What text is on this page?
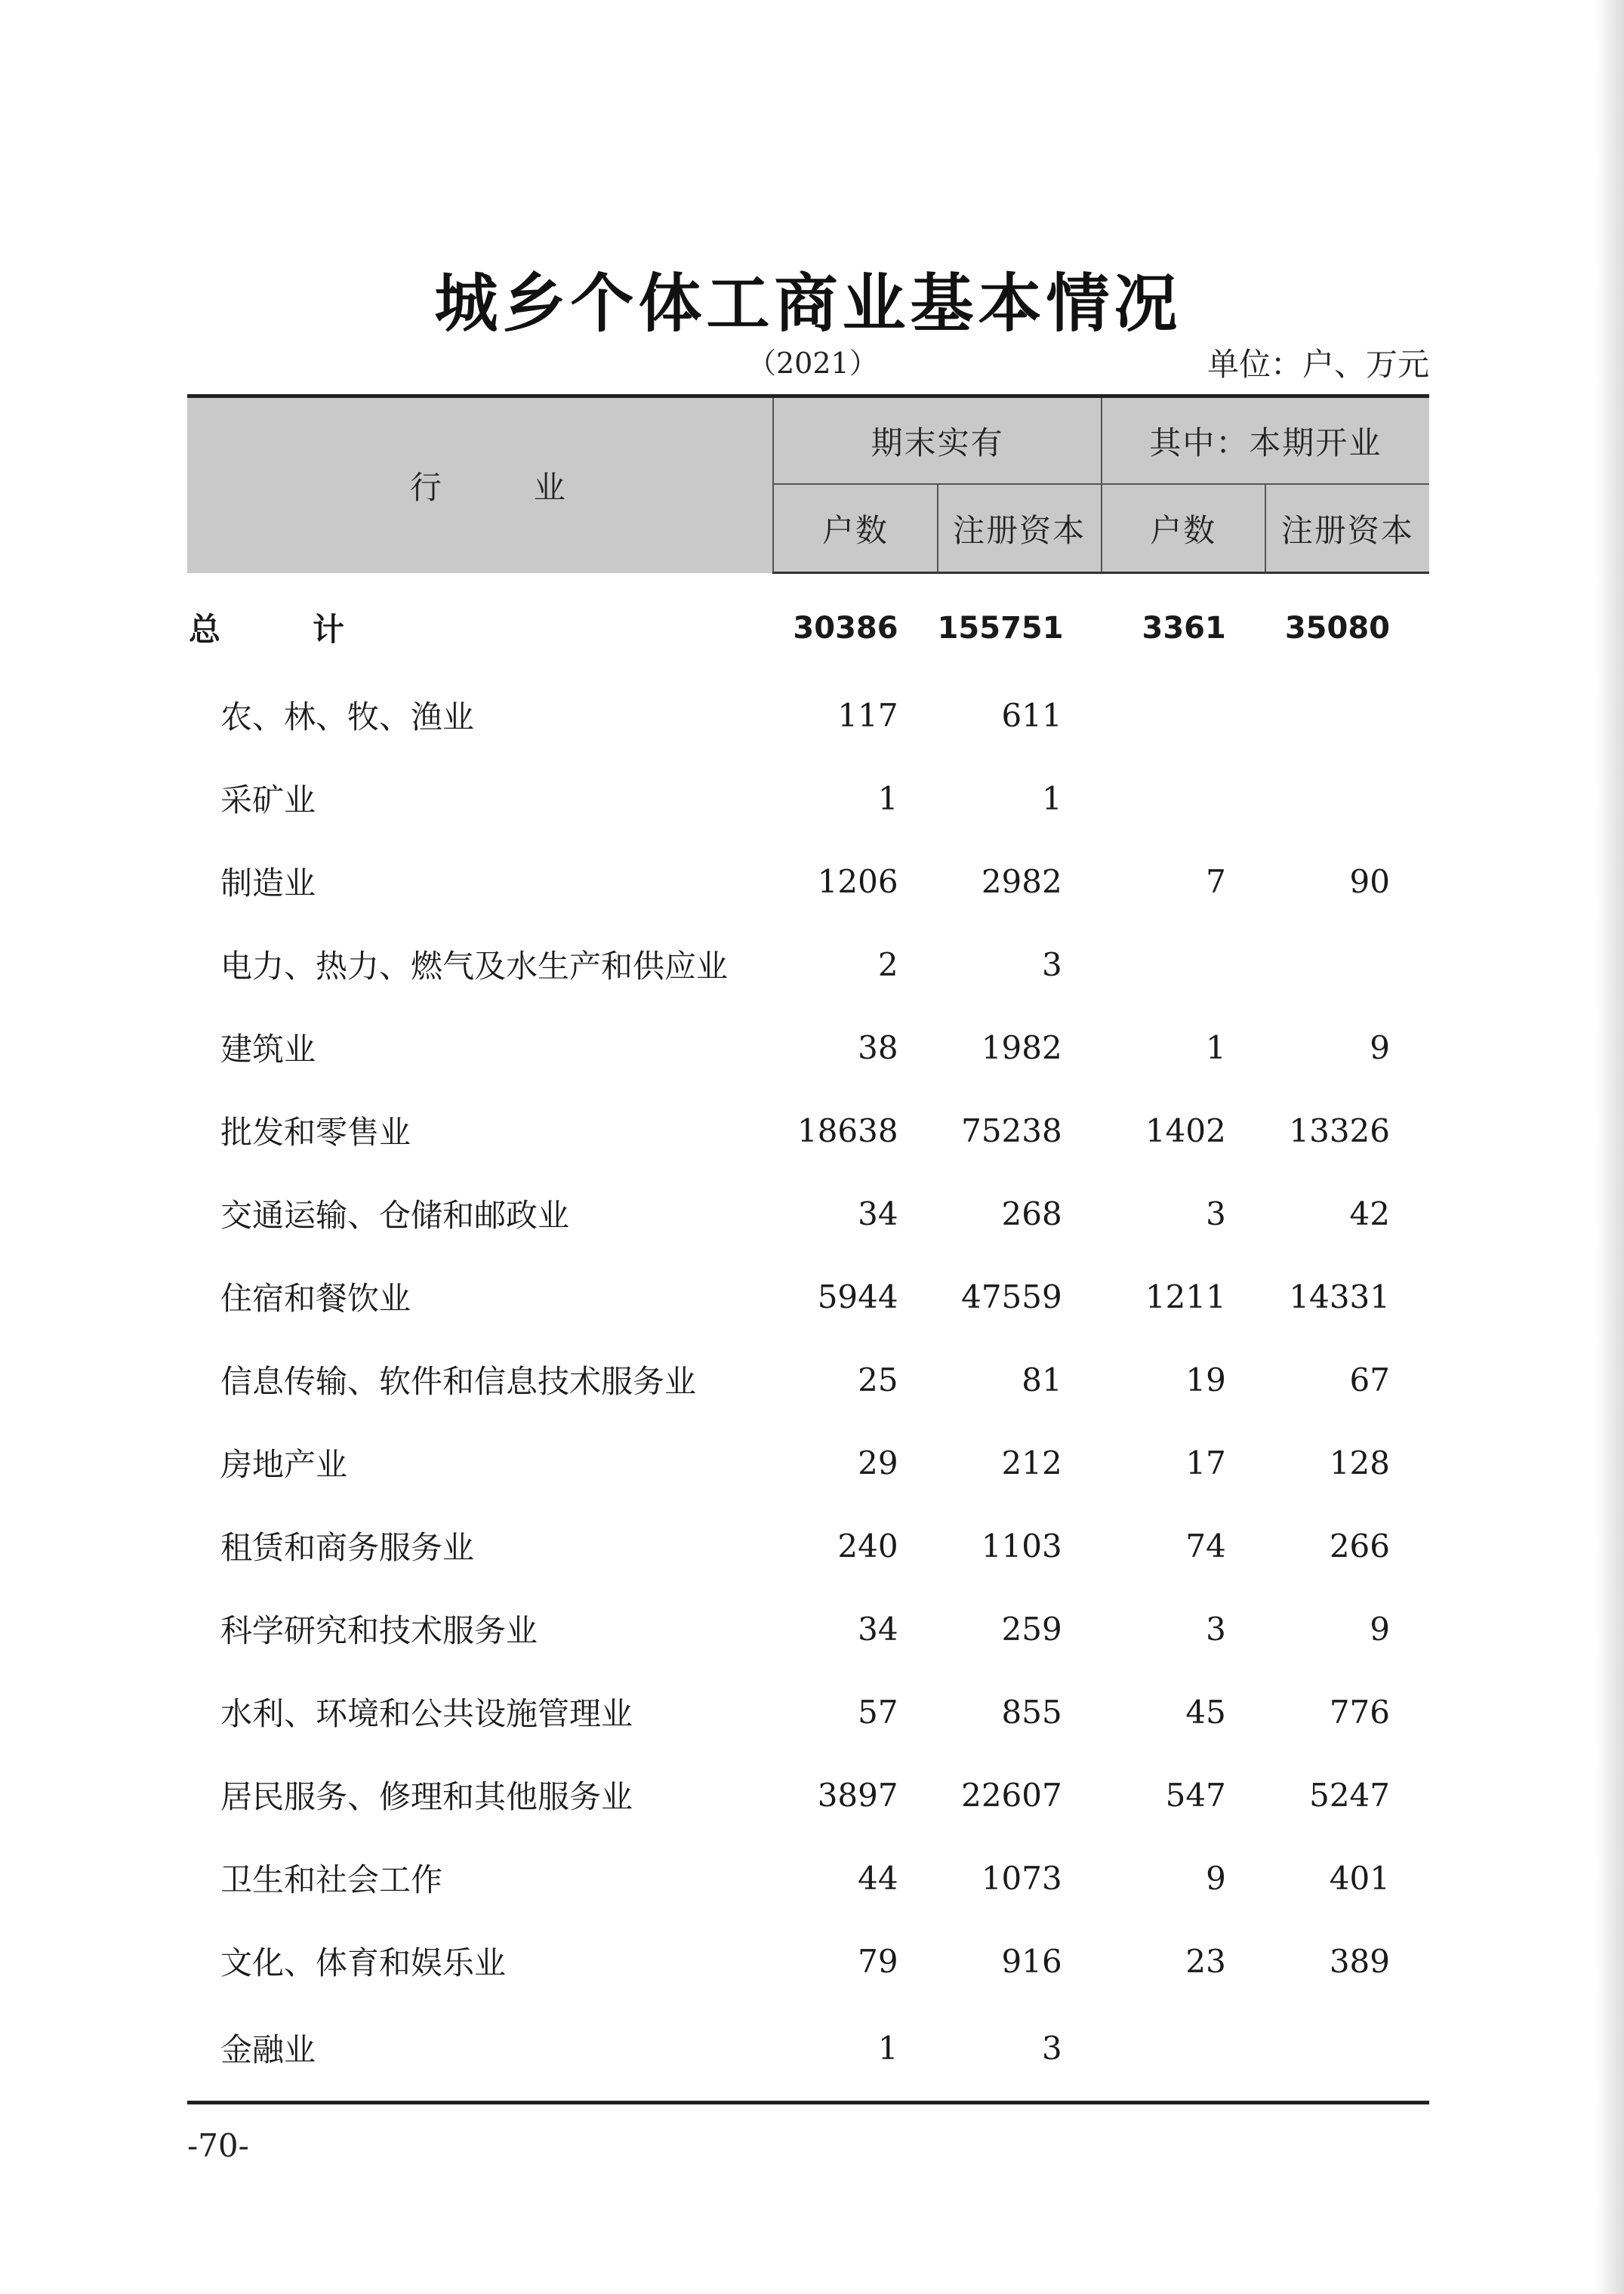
城乡个体工商业基本情况
（2021）	单位：户、万元
行　业	期末实有		其中：本期开业	
	户数	注册资本	户数	注册资本
总　计	30386	155751	3361	35080
农、林、牧、渔业	117	611		
采矿业	1	1		
制造业	1206	2982	7	90
电力、热力、燃气及水生产和供应业	2	3		
建筑业	38	1982	1	9
批发和零售业	18638	75238	1402	13326
交通运输、仓储和邮政业	34	268	3	42
住宿和餐饮业	5944	47559	1211	14331
信息传输、软件和信息技术服务业	25	81	19	67
房地产业	29	212	17	128
租赁和商务服务业	240	1103	74	266
科学研究和技术服务业	34	259	3	9
水利、环境和公共设施管理业	57	855	45	776
居民服务、修理和其他服务业	3897	22607	547	5247
卫生和社会工作	44	1073	9	401
文化、体育和娱乐业	79	916	23	389
金融业	1	3		
-70-
